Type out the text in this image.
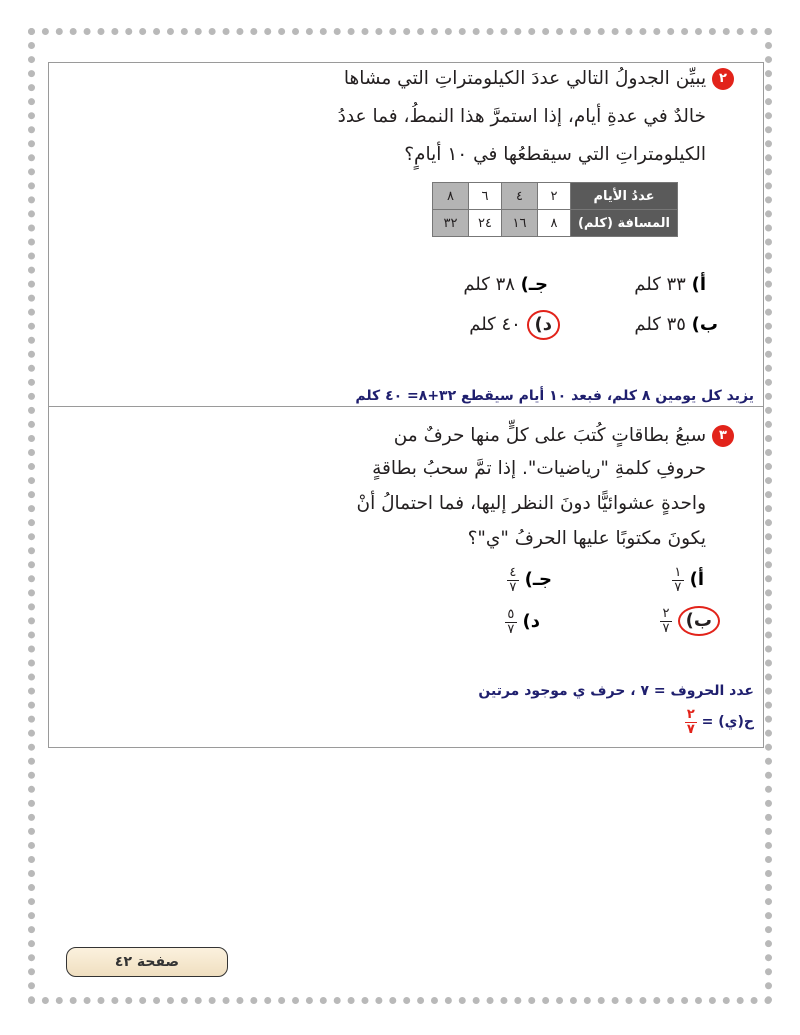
٢ يبيِّن الجدولُ التالي عددَ الكيلومتراتِ التي مشاها
خالدٌ في عدةِ أيام، إذا استمرَّ هذا النمطُ، فما عددُ
الكيلومتراتِ التي سيقطعُها في ١٠ أيامٍ؟
عددُ الأيام	٢	٤	٦	٨
المسافة (كلم)	٨	١٦	٢٤	٣٢
أ) ٣٣ كلم
جـ) ٣٨ كلم
ب) ٣٥ كلم
د) ٤٠ كلم
يزيد كل يومين ٨ كلم، فبعد ١٠ أيام سيقطع ٣٢+٨= ٤٠ كلم
٣ سبعُ بطاقاتٍ كُتبَ على كلٍّ منها حرفٌ من
حروفِ كلمةِ "رياضيات". إذا تمَّ سحبُ بطاقةٍ
واحدةٍ عشوائيًّا دونَ النظر إليها، فما احتمالُ أنْ
يكونَ مكتوبًا عليها الحرفُ "ي"؟
أ)
$\frac{١}{٧}$
جـ)
$\frac{٤}{٧}$
ب)
$\frac{٢}{٧}$
د)
$\frac{٥}{٧}$
عدد الحروف = ٧ ، حرف ي موجود مرتين
ح(ي) =
$\frac{٢}{٧}$
صفحة ٤٢
